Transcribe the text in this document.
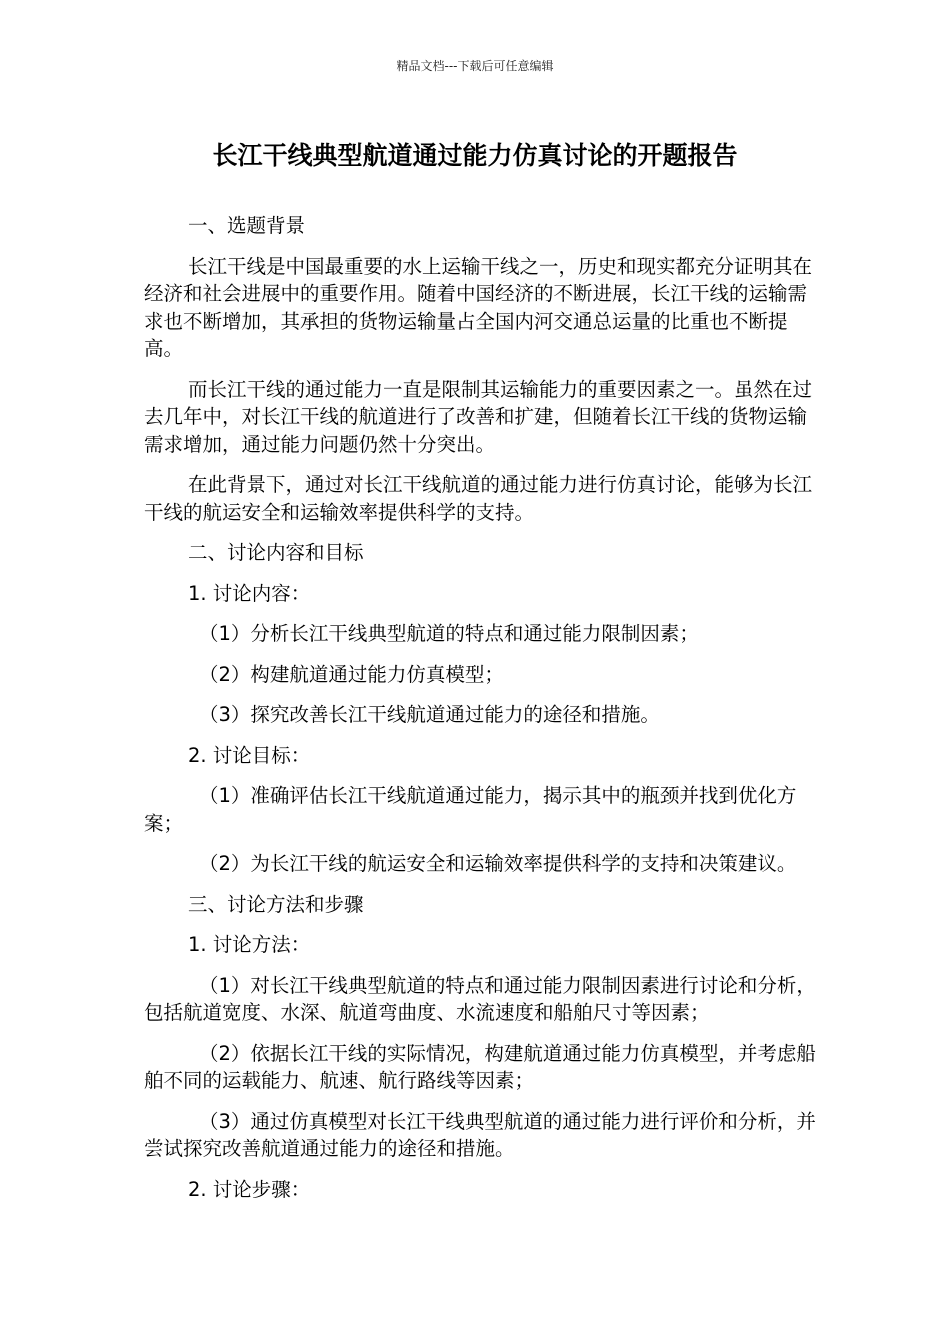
精品文档---下载后可任意编辑
长江干线典型航道通过能力仿真讨论的开题报告

一、选题背景

长江干线是中国最重要的水上运输干线之一，历史和现实都充分证明其在经济和社会进展中的重要作用。随着中国经济的不断进展，长江干线的运输需求也不断增加，其承担的货物运输量占全国内河交通总运量的比重也不断提高。

而长江干线的通过能力一直是限制其运输能力的重要因素之一。虽然在过去几年中，对长江干线的航道进行了改善和扩建，但随着长江干线的货物运输需求增加，通过能力问题仍然十分突出。

在此背景下，通过对长江干线航道的通过能力进行仿真讨论，能够为长江干线的航运安全和运输效率提供科学的支持。

二、讨论内容和目标

1. 讨论内容：

（1）分析长江干线典型航道的特点和通过能力限制因素；

（2）构建航道通过能力仿真模型；

（3）探究改善长江干线航道通过能力的途径和措施。

2. 讨论目标：

（1）准确评估长江干线航道通过能力，揭示其中的瓶颈并找到优化方案；

（2）为长江干线的航运安全和运输效率提供科学的支持和决策建议。

三、讨论方法和步骤

1. 讨论方法：

（1）对长江干线典型航道的特点和通过能力限制因素进行讨论和分析，包括航道宽度、水深、航道弯曲度、水流速度和船舶尺寸等因素；

（2）依据长江干线的实际情况，构建航道通过能力仿真模型，并考虑船舶不同的运载能力、航速、航行路线等因素；

（3）通过仿真模型对长江干线典型航道的通过能力进行评价和分析，并尝试探究改善航道通过能力的途径和措施。

2. 讨论步骤：
